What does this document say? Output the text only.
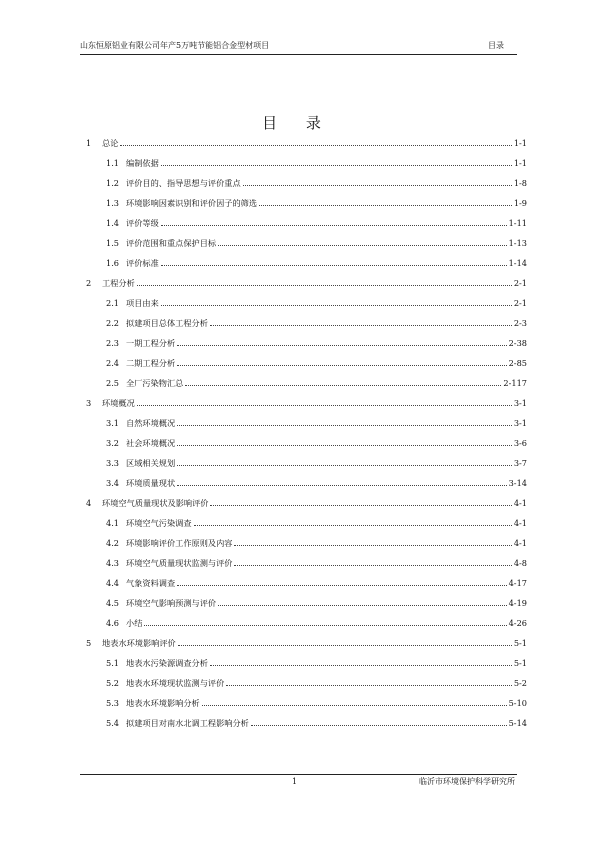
山东恒原铝业有限公司年产5万吨节能铝合金型材项目	目录
目 录
1	总论	1-1
1.1 编制依据	1-1
1.2 评价目的、指导思想与评价重点	1-8
1.3 环境影响因素识别和评价因子的筛选	1-9
1.4 评价等级	1-11
1.5 评价范围和重点保护目标	1-13
1.6 评价标准	1-14
2	工程分析	2-1
2.1 项目由来	2-1
2.2 拟建项目总体工程分析	2-3
2.3 一期工程分析	2-38
2.4 二期工程分析	2-85
2.5 全厂污染物汇总	2-117
3	环境概况	3-1
3.1 自然环境概况	3-1
3.2 社会环境概况	3-6
3.3 区域相关规划	3-7
3.4 环境质量现状	3-14
4	环境空气质量现状及影响评价	4-1
4.1 环境空气污染调查	4-1
4.2 环境影响评价工作原则及内容	4-1
4.3 环境空气质量现状监测与评价	4-8
4.4 气象资料调查	4-17
4.5 环境空气影响预测与评价	4-19
4.6 小结	4-26
5	地表水环境影响评价	5-1
5.1 地表水污染源调查分析	5-1
5.2 地表水环境现状监测与评价	5-2
5.3 地表水环境影响分析	5-10
5.4 拟建项目对南水北调工程影响分析	5-14
1	临沂市环境保护科学研究所
